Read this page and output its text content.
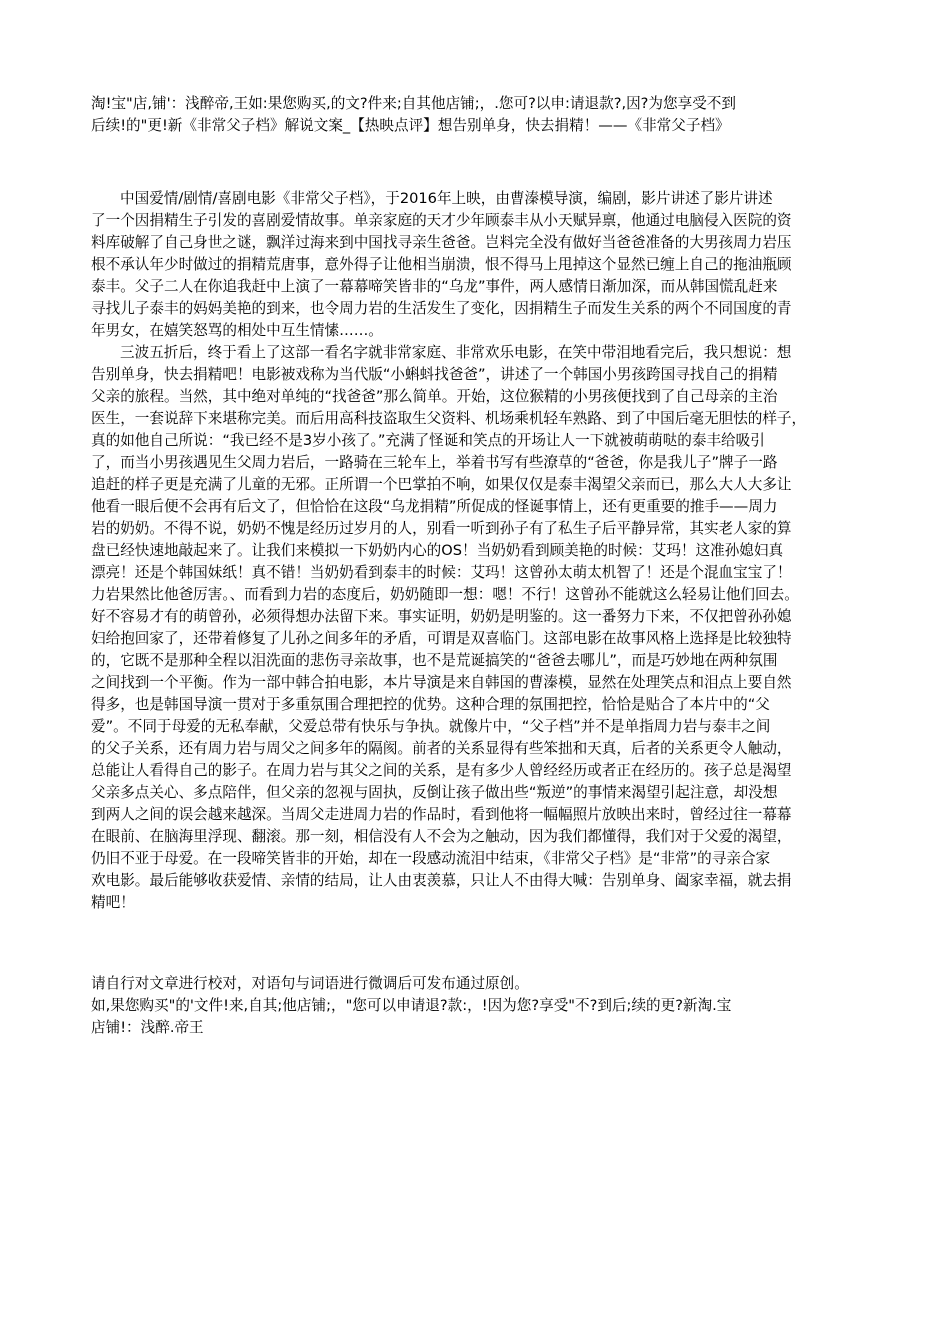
淘!宝"店,铺'：浅醉帝,王如:果您购买,的文?件来;自其他店铺;，.您可?以申:请退款?,因?为您享受不到
后续!的"更!新《非常父子档》解说文案_【热映点评】想告别单身，快去捐精！——《非常父子档》
中国爱情/剧情/喜剧电影《非常父子档》，于2016年上映，由曹溱模导演，编剧，影片讲述了影片讲述
了一个因捐精生子引发的喜剧爱情故事。单亲家庭的天才少年顾泰丰从小天赋异禀，他通过电脑侵入医院的资
料库破解了自己身世之谜，飘洋过海来到中国找寻亲生爸爸。岂料完全没有做好当爸爸准备的大男孩周力岩压
根不承认年少时做过的捐精荒唐事，意外得子让他相当崩溃，恨不得马上甩掉这个显然已缠上自己的拖油瓶顾
泰丰。父子二人在你追我赶中上演了一幕幕啼笑皆非的“乌龙”事件，两人感情日渐加深，而从韩国慌乱赶来
寻找儿子泰丰的妈妈美艳的到来，也令周力岩的生活发生了变化，因捐精生子而发生关系的两个不同国度的青
年男女，在嬉笑怒骂的相处中互生情愫……。
三波五折后，终于看上了这部一看名字就非常家庭、非常欢乐电影，在笑中带泪地看完后，我只想说：想
告别单身，快去捐精吧！电影被戏称为当代版“小蝌蚪找爸爸”，讲述了一个韩国小男孩跨国寻找自己的捐精
父亲的旅程。当然，其中绝对单纯的“找爸爸”那么简单。开始，这位猴精的小男孩便找到了自己母亲的主治
医生，一套说辞下来堪称完美。而后用高科技盗取生父资料、机场乘机轻车熟路、到了中国后毫无胆怯的样子，
真的如他自己所说：“我已经不是3岁小孩了。”充满了怪诞和笑点的开场让人一下就被萌萌哒的泰丰给吸引
了，而当小男孩遇见生父周力岩后，一路骑在三轮车上，举着书写有些潦草的“爸爸，你是我儿子”牌子一路
追赶的样子更是充满了儿童的无邪。正所谓一个巴掌拍不响，如果仅仅是泰丰渴望父亲而已，那么大人大多让
他看一眼后便不会再有后文了，但恰恰在这段“乌龙捐精”所促成的怪诞事情上，还有更重要的推手——周力
岩的奶奶。不得不说，奶奶不愧是经历过岁月的人，别看一听到孙子有了私生子后平静异常，其实老人家的算
盘已经快速地敲起来了。让我们来模拟一下奶奶内心的OS！当奶奶看到顾美艳的时候：艾玛！这准孙媳妇真
漂亮！还是个韩国妹纸！真不错！当奶奶看到泰丰的时候：艾玛！这曾孙太萌太机智了！还是个混血宝宝了！
力岩果然比他爸厉害。、而看到力岩的态度后，奶奶随即一想：嗯！不行！这曾孙不能就这么轻易让他们回去。
好不容易才有的萌曾孙，必须得想办法留下来。事实证明，奶奶是明鉴的。这一番努力下来，不仅把曾孙孙媳
妇给抱回家了，还带着修复了儿孙之间多年的矛盾，可谓是双喜临门。这部电影在故事风格上选择是比较独特
的，它既不是那种全程以泪洗面的悲伤寻亲故事，也不是荒诞搞笑的“爸爸去哪儿”，而是巧妙地在两种氛围
之间找到一个平衡。作为一部中韩合拍电影，本片导演是来自韩国的曹溱模，显然在处理笑点和泪点上要自然
得多，也是韩国导演一贯对于多重氛围合理把控的优势。这种合理的氛围把控，恰恰是贴合了本片中的“父
爱”。不同于母爱的无私奉献，父爱总带有快乐与争执。就像片中，“父子档”并不是单指周力岩与泰丰之间
的父子关系，还有周力岩与周父之间多年的隔阂。前者的关系显得有些笨拙和天真，后者的关系更令人触动，
总能让人看得自己的影子。在周力岩与其父之间的关系，是有多少人曾经经历或者正在经历的。孩子总是渴望
父亲多点关心、多点陪伴，但父亲的忽视与固执，反倒让孩子做出些“叛逆”的事情来渴望引起注意，却没想
到两人之间的误会越来越深。当周父走进周力岩的作品时，看到他将一幅幅照片放映出来时，曾经过往一幕幕
在眼前、在脑海里浮现、翻滚。那一刻，相信没有人不会为之触动，因为我们都懂得，我们对于父爱的渴望，
仍旧不亚于母爱。在一段啼笑皆非的开始，却在一段感动流泪中结束，《非常父子档》是“非常”的寻亲合家
欢电影。最后能够收获爱情、亲情的结局，让人由衷羡慕，只让人不由得大喊：告别单身、阖家幸福，就去捐
精吧！
请自行对文章进行校对，对语句与词语进行微调后可发布通过原创。
如,果您购买"的'文件!来,自其;他店铺;，"您可以申请退?款:，!因为您?享受"不?到后;续的更?新淘.宝
店铺!：浅醉.帝王
